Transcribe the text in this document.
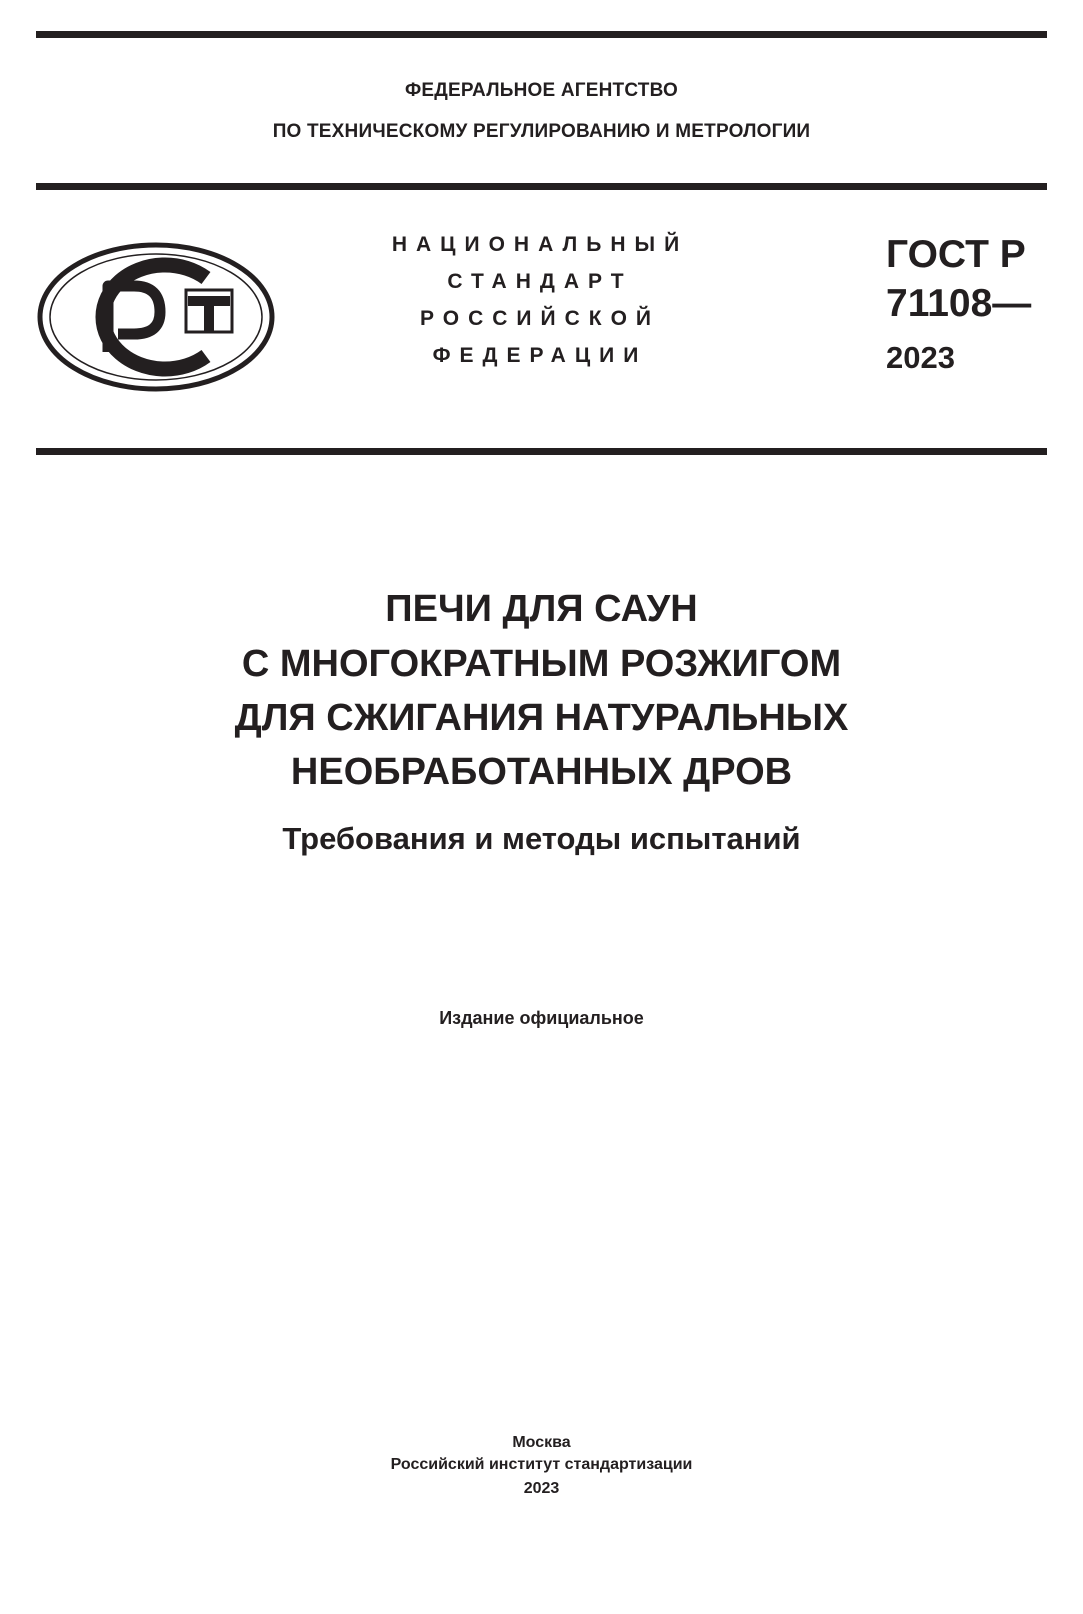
ФЕДЕРАЛЬНОЕ АГЕНТСТВО
ПО ТЕХНИЧЕСКОМУ РЕГУЛИРОВАНИЮ И МЕТРОЛОГИИ
НАЦИОНАЛЬНЫЙ
СТАНДАРТ
РОССИЙСКОЙ
ФЕДЕРАЦИИ
ГОСТ Р
71108—
2023
ПЕЧИ ДЛЯ САУН
С МНОГОКРАТНЫМ РОЗЖИГОМ
ДЛЯ СЖИГАНИЯ НАТУРАЛЬНЫХ
НЕОБРАБОТАННЫХ ДРОВ
Требования и методы испытаний
Издание официальное
Москва
Российский институт стандартизации
2023
